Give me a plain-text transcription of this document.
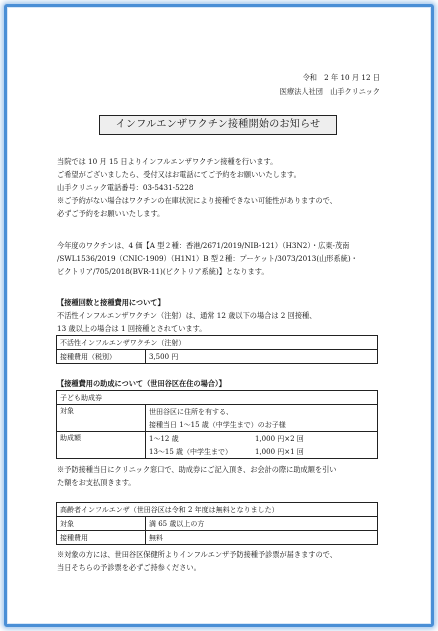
令和　2 年 10 月 12 日
医療法人社団　山手クリニック
インフルエンザワクチン接種開始のお知らせ
当院では 10 月 15 日よりインフルエンザワクチン接種を行います。
ご希望がございましたら、受付又はお電話にてご予約をお願いいたします。
山手クリニック電話番号：03-5431-5228
※ご予約がない場合はワクチンの在庫状況により接種できない可能性がありますので、
必ずご予約をお願いいたします。
今年度のワクチンは、4 価【A 型２種：香港/2671/2019/NIB-121）（H3N2）・広東-茂南
/SWL1536/2019（CNIC-1909）（H1N1）B 型２種：プーケット/3073/2013(山形系統)・
ビクトリア/705/2018(BVR-11)(ビクトリア系統)】となります。
【接種回数と接種費用について】
不活性インフルエンザワクチン（注射）は、通常 12 歳以下の場合は 2 回接種、
13 歳以上の場合は 1 回接種とされています。
不活性インフルエンザワクチン（注射）
接種費用（税別）	3,500 円
【接種費用の助成について（世田谷区在住の場合）】
子ども助成券		
対象	世田谷区に住所を有する、	
	接種当日 1～15 歳（中学生まで）のお子様	
助成額	1～12 歳	1,000 円×2 回
	13～15 歳（中学生まで）	1,000 円×1 回
※予防接種当日にクリニック窓口で、助成券にご記入頂き、お会計の際に助成額を引い
た額をお支払頂きます。
高齢者インフルエンザ（世田谷区は令和 2 年度は無料となりました）	
対象	満 65 歳以上の方
接種費用	無料
※対象の方には、世田谷区保健所よりインフルエンザ予防接種予診票が届きますので、
当日そちらの予診票を必ずご持参ください。
